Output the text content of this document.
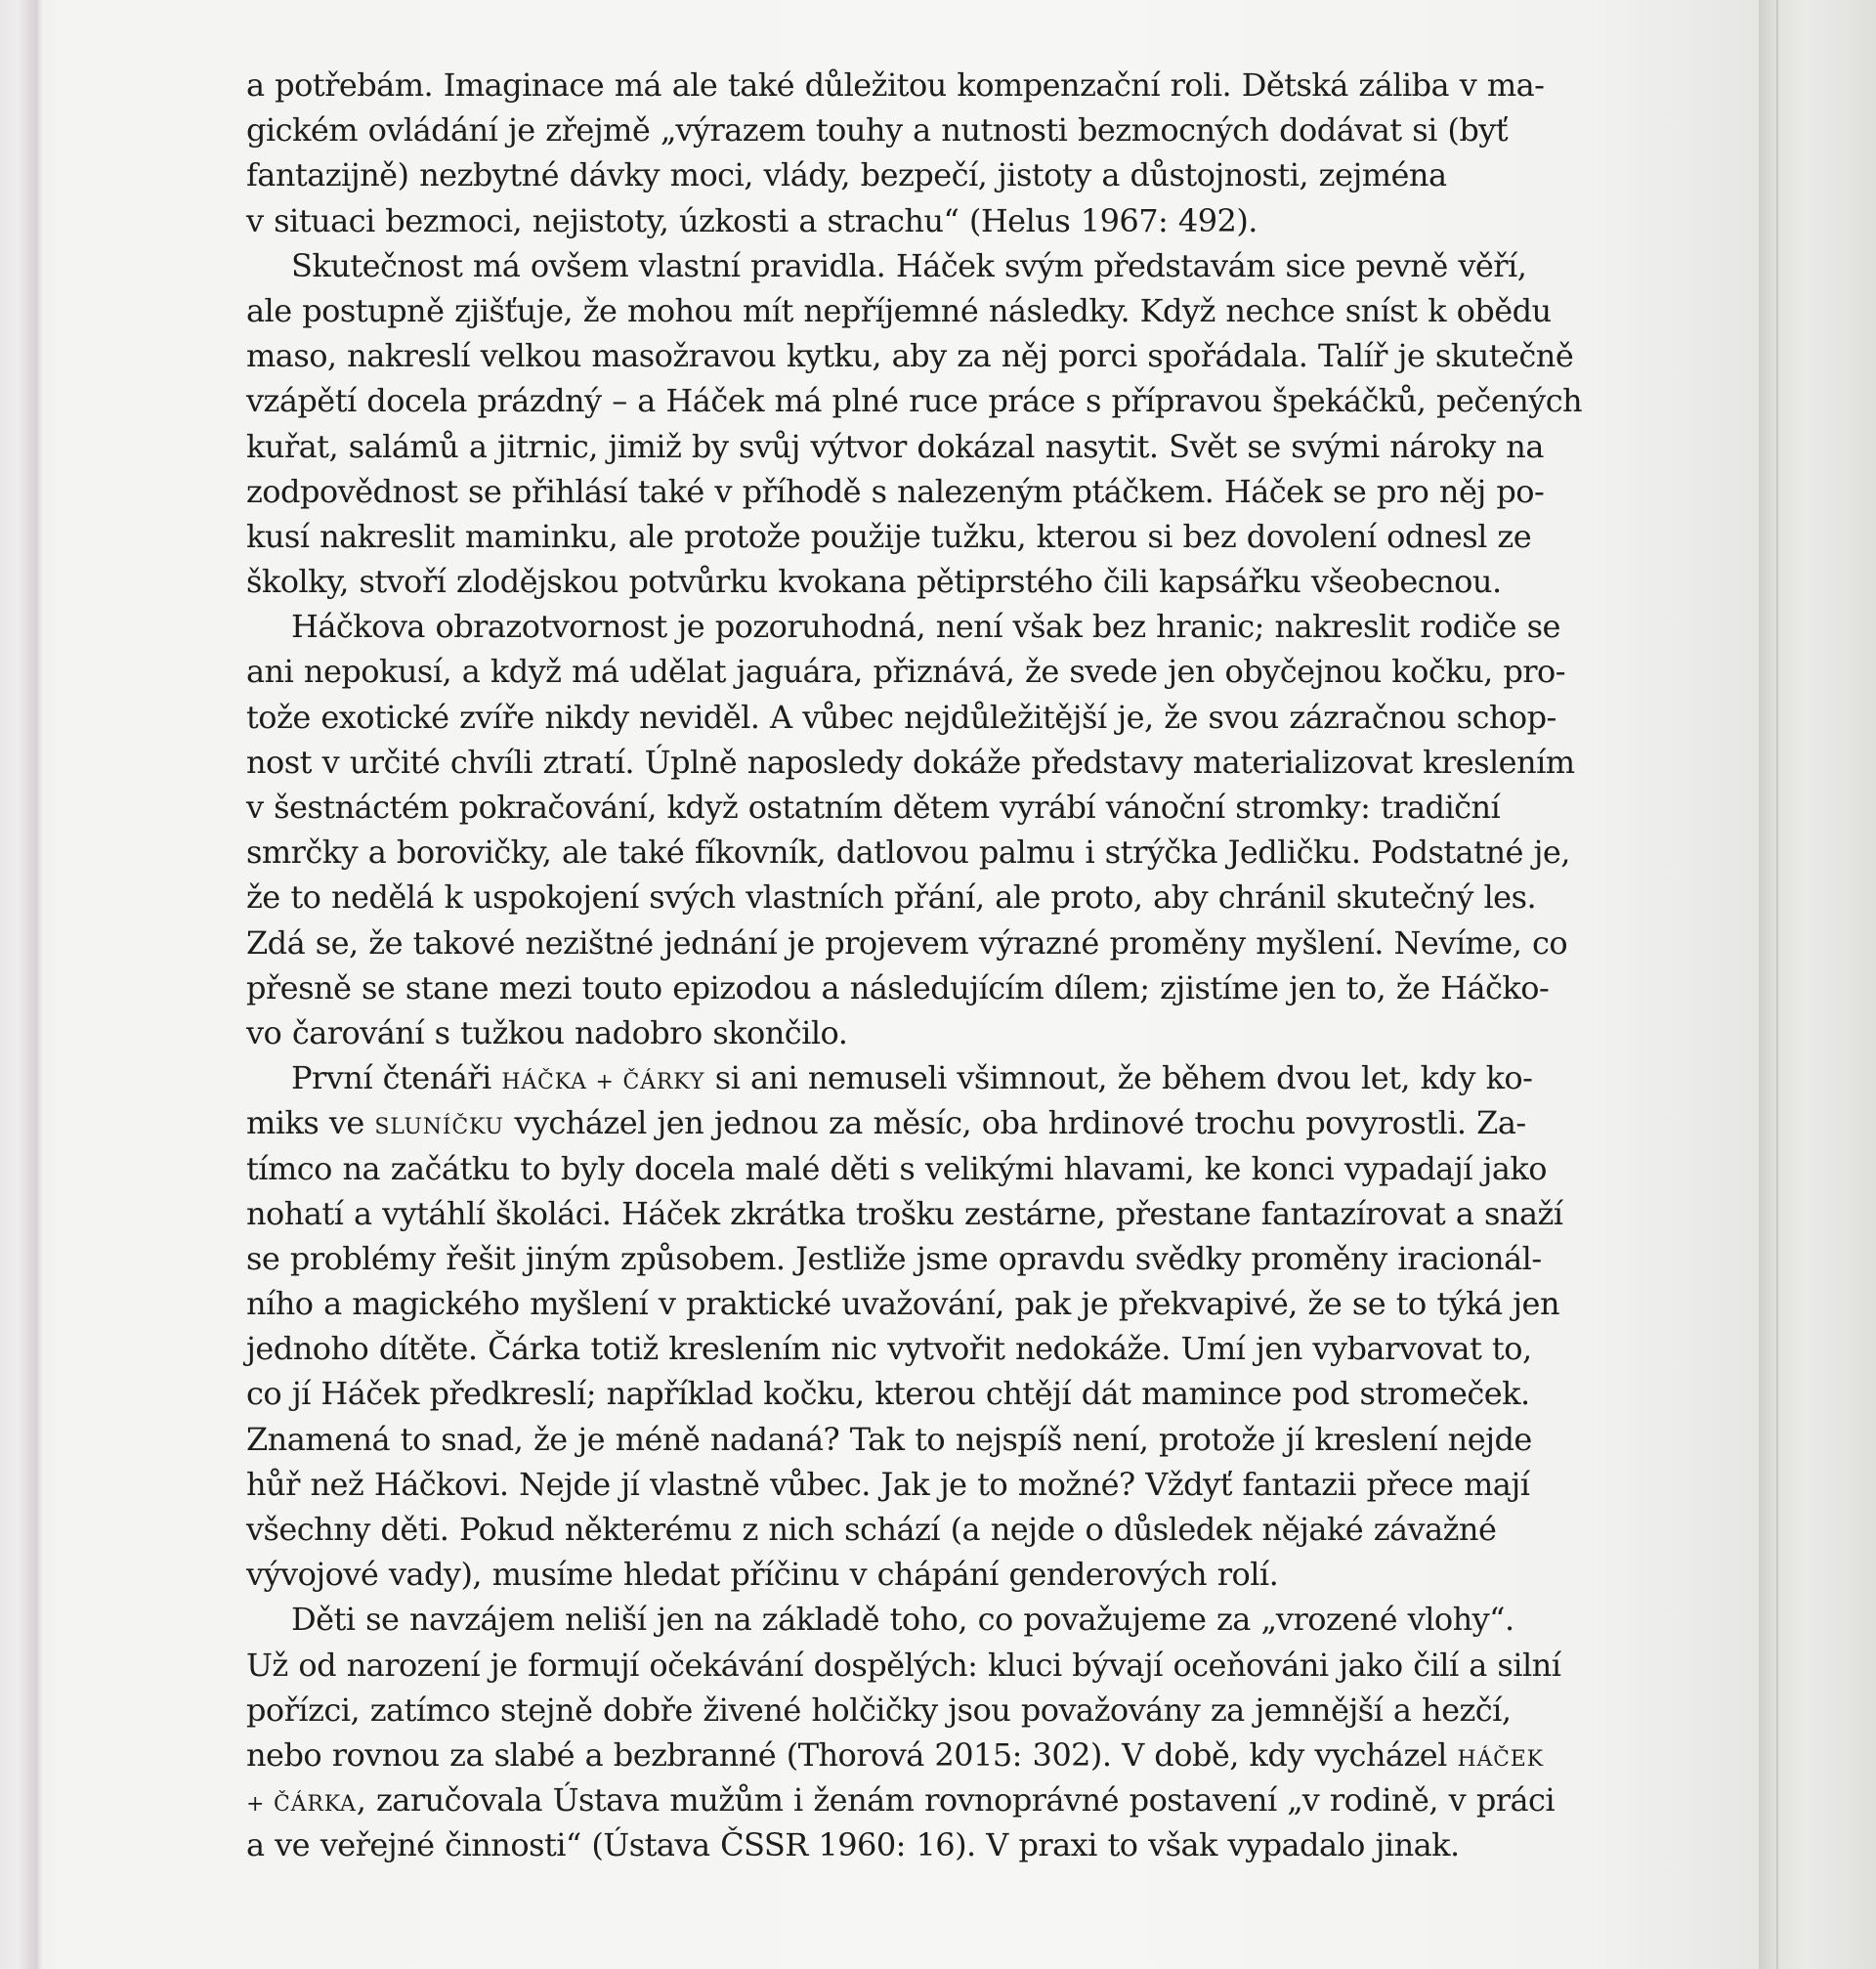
a potřebám. Imaginace má ale také důležitou kompenzační roli. Dětská záliba v ma-
gickém ovládání je zřejmě „výrazem touhy a nutnosti bezmocných dodávat si (byť
fantazijně) nezbytné dávky moci, vlády, bezpečí, jistoty a důstojnosti, zejména
v situaci bezmoci, nejistoty, úzkosti a strachu“ (Helus 1967: 492).
Skutečnost má ovšem vlastní pravidla. Háček svým představám sice pevně věří,
ale postupně zjišťuje, že mohou mít nepříjemné následky. Když nechce sníst k obědu
maso, nakreslí velkou masožravou kytku, aby za něj porci spořádala. Talíř je skutečně
vzápětí docela prázdný – a Háček má plné ruce práce s přípravou špekáčků, pečených
kuřat, salámů a jitrnic, jimiž by svůj výtvor dokázal nasytit. Svět se svými nároky na
zodpovědnost se přihlásí také v příhodě s nalezeným ptáčkem. Háček se pro něj po-
kusí nakreslit maminku, ale protože použije tužku, kterou si bez dovolení odnesl ze
školky, stvoří zlodějskou potvůrku kvokana pětiprstého čili kapsářku všeobecnou.
Háčkova obrazotvornost je pozoruhodná, není však bez hranic; nakreslit rodiče se
ani nepokusí, a když má udělat jaguára, přiznává, že svede jen obyčejnou kočku, pro-
tože exotické zvíře nikdy neviděl. A vůbec nejdůležitější je, že svou zázračnou schop-
nost v určité chvíli ztratí. Úplně naposledy dokáže představy materializovat kreslením
v šestnáctém pokračování, když ostatním dětem vyrábí vánoční stromky: tradiční
smrčky a borovičky, ale také fíkovník, datlovou palmu i strýčka Jedličku. Podstatné je,
že to nedělá k uspokojení svých vlastních přání, ale proto, aby chránil skutečný les.
Zdá se, že takové nezištné jednání je projevem výrazné proměny myšlení. Nevíme, co
přesně se stane mezi touto epizodou a následujícím dílem; zjistíme jen to, že Háčko-
vo čarování s tužkou nadobro skončilo.
První čtenáři HÁČKA + ČÁRKY si ani nemuseli všimnout, že během dvou let, kdy ko-
miks ve SLUNÍČKU vycházel jen jednou za měsíc, oba hrdinové trochu povyrostli. Za-
tímco na začátku to byly docela malé děti s velikými hlavami, ke konci vypadají jako
nohatí a vytáhlí školáci. Háček zkrátka trošku zestárne, přestane fantazírovat a snaží
se problémy řešit jiným způsobem. Jestliže jsme opravdu svědky proměny iracionál-
ního a magického myšlení v praktické uvažování, pak je překvapivé, že se to týká jen
jednoho dítěte. Čárka totiž kreslením nic vytvořit nedokáže. Umí jen vybarvovat to,
co jí Háček předkreslí; například kočku, kterou chtějí dát mamince pod stromeček.
Znamená to snad, že je méně nadaná? Tak to nejspíš není, protože jí kreslení nejde
hůř než Háčkovi. Nejde jí vlastně vůbec. Jak je to možné? Vždyť fantazii přece mají
všechny děti. Pokud některému z nich schází (a nejde o důsledek nějaké závažné
vývojové vady), musíme hledat příčinu v chápání genderových rolí.
Děti se navzájem neliší jen na základě toho, co považujeme za „vrozené vlohy“.
Už od narození je formují očekávání dospělých: kluci bývají oceňováni jako čilí a silní
pořízci, zatímco stejně dobře živené holčičky jsou považovány za jemnější a hezčí,
nebo rovnou za slabé a bezbranné (Thorová 2015: 302). V době, kdy vycházel HÁČEK
+ ČÁRKA, zaručovala Ústava mužům i ženám rovnoprávné postavení „v rodině, v práci
a ve veřejné činnosti“ (Ústava ČSSR 1960: 16). V praxi to však vypadalo jinak.
